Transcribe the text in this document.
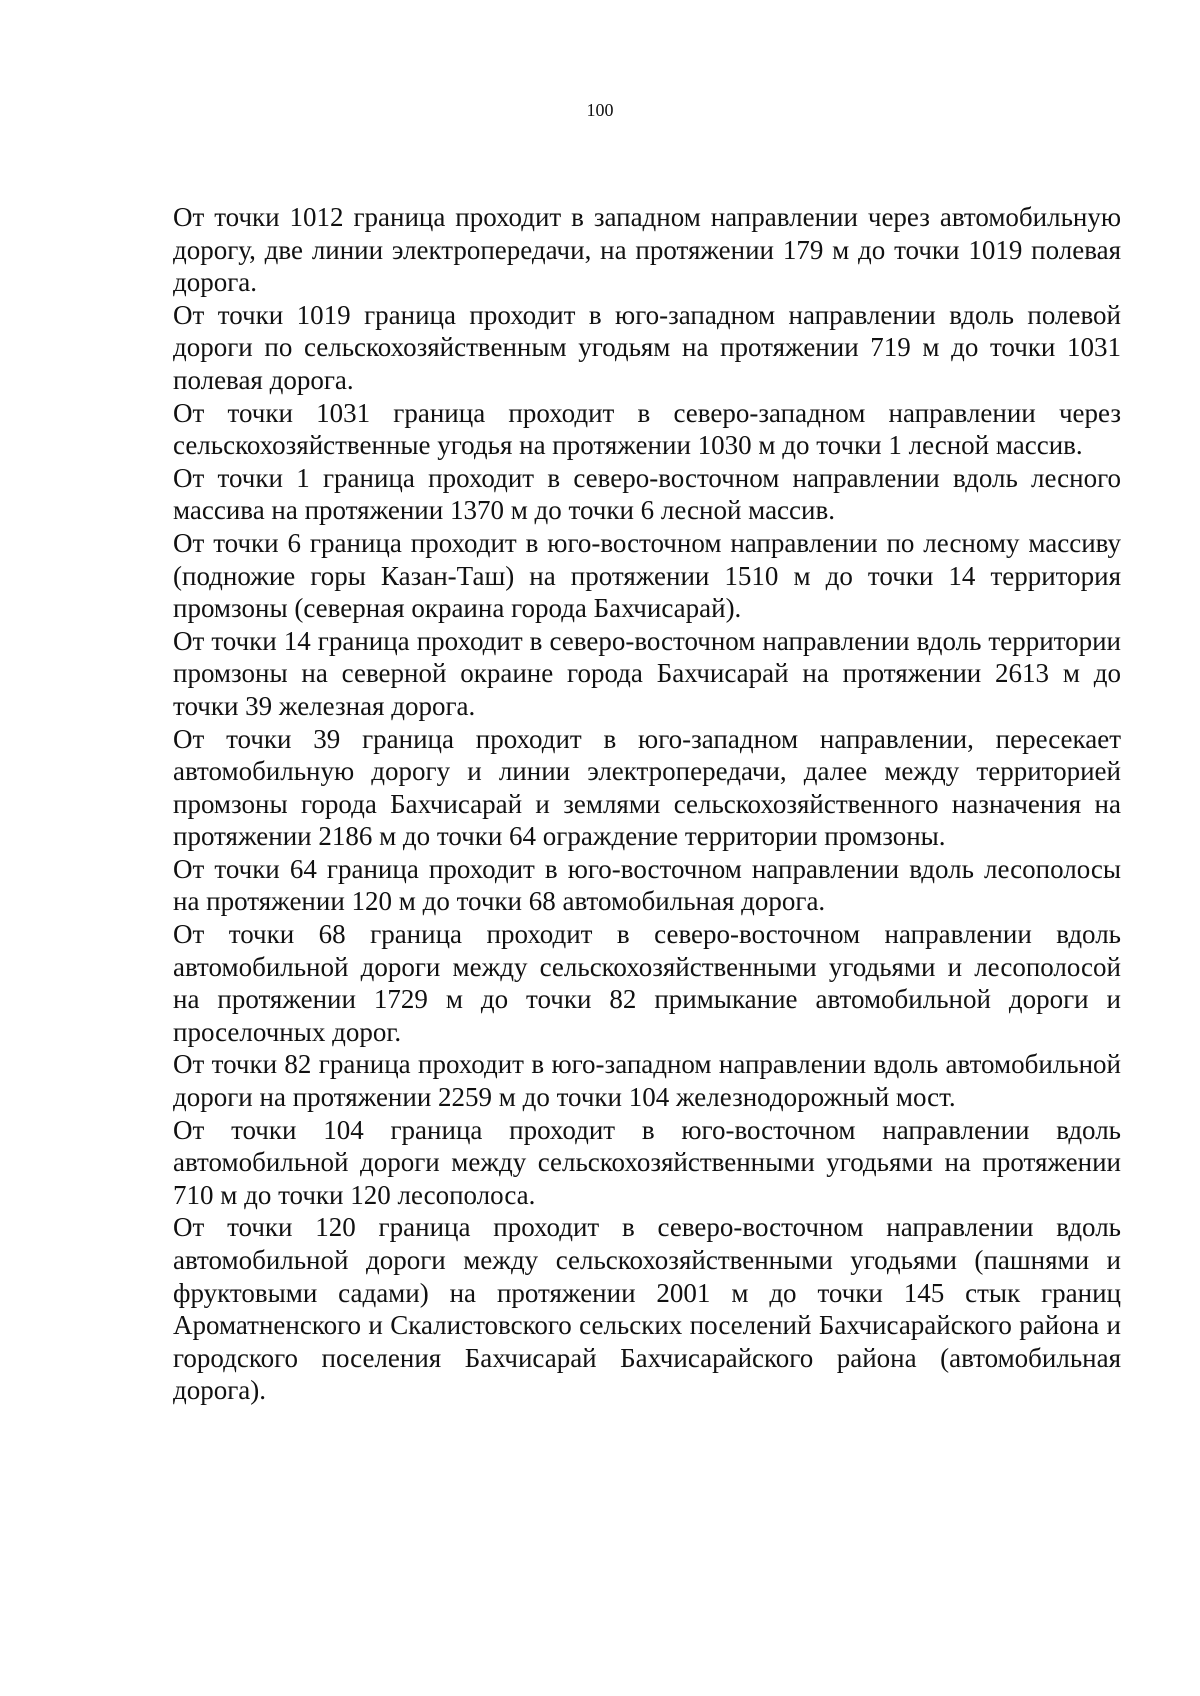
100

От точки 1012 граница проходит в западном направлении через автомобильную дорогу, две линии электропередачи, на протяжении 179 м до точки 1019 полевая дорога.

От точки 1019 граница проходит в юго-западном направлении вдоль полевой дороги по сельскохозяйственным угодьям на протяжении 719 м до точки 1031 полевая дорога.

От точки 1031 граница проходит в северо-западном направлении через сельскохозяйственные угодья на протяжении 1030 м до точки 1 лесной массив.

От точки 1 граница проходит в северо-восточном направлении вдоль лесного массива на протяжении 1370 м до точки 6 лесной массив.

От точки 6 граница проходит в юго-восточном направлении по лесному массиву (подножие горы Казан-Таш) на протяжении 1510 м до точки 14 территория промзоны (северная окраина города Бахчисарай).

От точки 14 граница проходит в северо-восточном направлении вдоль территории промзоны на северной окраине города Бахчисарай на протяжении 2613 м до точки 39 железная дорога.

От точки 39 граница проходит в юго-западном направлении, пересекает автомобильную дорогу и линии электропередачи, далее между территорией промзоны города Бахчисарай и землями сельскохозяйственного назначения на протяжении 2186 м до точки 64 ограждение территории промзоны.

От точки 64 граница проходит в юго-восточном направлении вдоль лесополосы на протяжении 120 м до точки 68 автомобильная дорога.

От точки 68 граница проходит в северо-восточном направлении вдоль автомобильной дороги между сельскохозяйственными угодьями и лесополосой на протяжении 1729 м до точки 82 примыкание автомобильной дороги и проселочных дорог.

От точки 82 граница проходит в юго-западном направлении вдоль автомобильной дороги на протяжении 2259 м до точки 104 железнодорожный мост.

От точки 104 граница проходит в юго-восточном направлении вдоль автомобильной дороги между сельскохозяйственными угодьями на протяжении 710 м до точки 120 лесополоса.

От точки 120 граница проходит в северо-восточном направлении вдоль автомобильной дороги между сельскохозяйственными угодьями (пашнями и фруктовыми садами) на протяжении 2001 м до точки 145 стык границ Ароматненского и Скалистовского сельских поселений Бахчисарайского района и городского поселения Бахчисарай Бахчисарайского района (автомобильная дорога).
